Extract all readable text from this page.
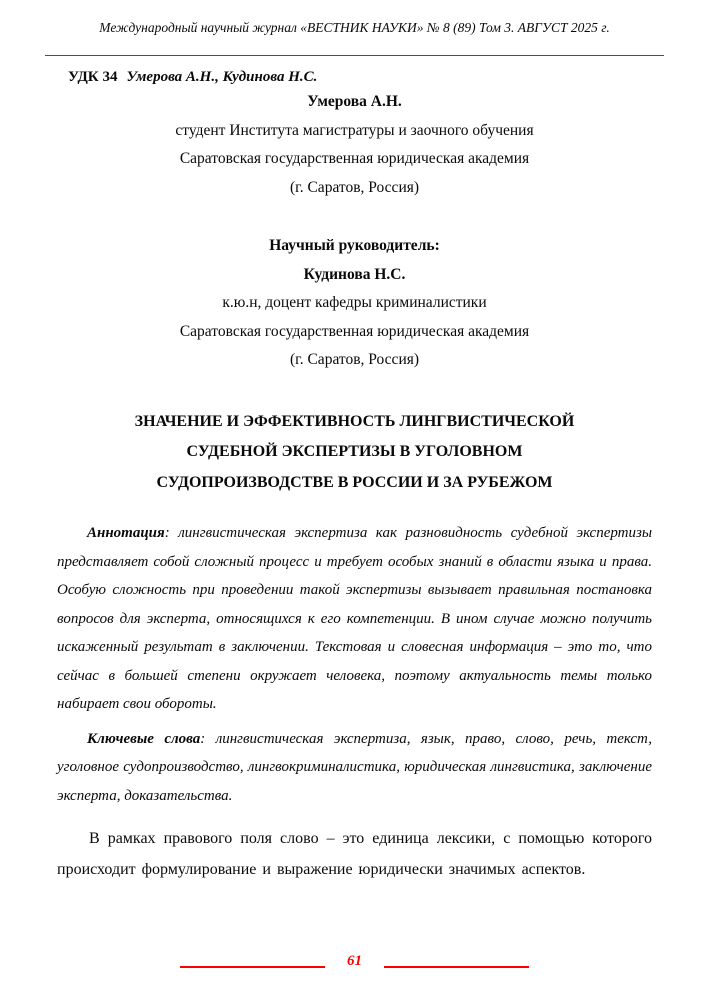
Международный научный журнал «ВЕСТНИК НАУКИ» № 8 (89) Том 3. АВГУСТ 2025 г.
УДК 34 Умерова А.Н., Кудинова Н.С.
Умерова А.Н.
студент Института магистратуры и заочного обучения
Саратовская государственная юридическая академия
(г. Саратов, Россия)
Научный руководитель:
Кудинова Н.С.
к.ю.н, доцент кафедры криминалистики
Саратовская государственная юридическая академия
(г. Саратов, Россия)
ЗНАЧЕНИЕ И ЭФФЕКТИВНОСТЬ ЛИНГВИСТИЧЕСКОЙ
СУДЕБНОЙ ЭКСПЕРТИЗЫ В УГОЛОВНОМ
СУДОПРОИЗВОДСТВЕ В РОССИИ И ЗА РУБЕЖОМ

Аннотация: лингвистическая экспертиза как разновидность судебной экспертизы представляет собой сложный процесс и требует особых знаний в области языка и права. Особую сложность при проведении такой экспертизы вызывает правильная постановка вопросов для эксперта, относящихся к его компетенции. В ином случае можно получить искаженный результат в заключении. Текстовая и словесная информация – это то, что сейчас в большей степени окружает человека, поэтому актуальность темы только набирает свои обороты.

Ключевые слова: лингвистическая экспертиза, язык, право, слово, речь, текст, уголовное судопроизводство, лингвокриминалистика, юридическая лингвистика, заключение эксперта, доказательства.

В рамках правового поля слово – это единица лексики, с помощью которого происходит формулирование и выражение юридически значимых аспектов.

61
